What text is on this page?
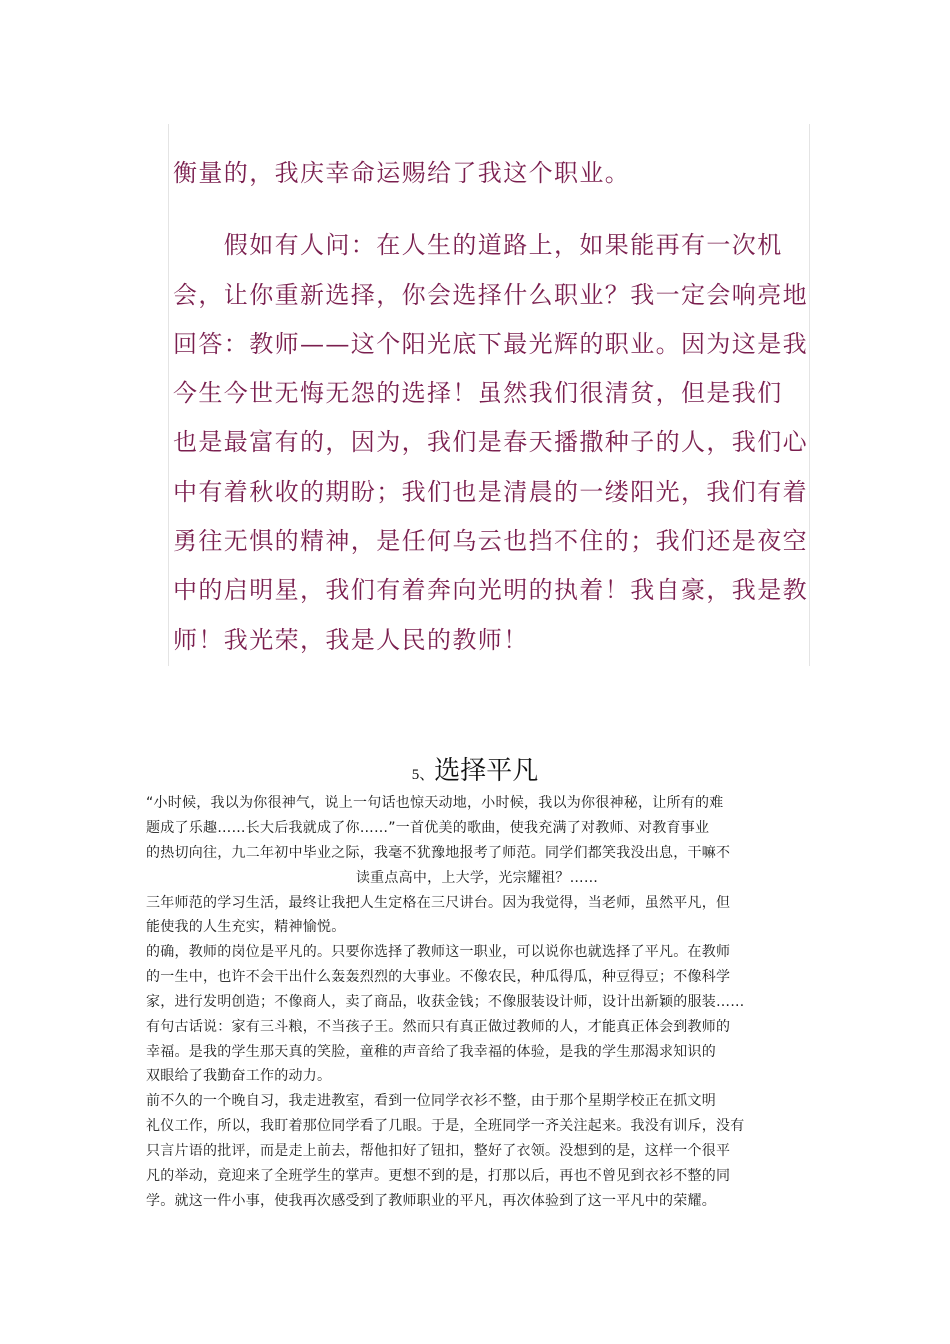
衡量的，我庆幸命运赐给了我这个职业。
　　假如有人问：在人生的道路上，如果能再有一次机
会，让你重新选择，你会选择什么职业？我一定会响亮地
回答：教师——这个阳光底下最光辉的职业。因为这是我
今生今世无悔无怨的选择！虽然我们很清贫，但是我们
也是最富有的，因为，我们是春天播撒种子的人，我们心
中有着秋收的期盼；我们也是清晨的一缕阳光，我们有着
勇往无惧的精神，是任何乌云也挡不住的；我们还是夜空
中的启明星，我们有着奔向光明的执着！我自豪，我是教
师！我光荣，我是人民的教师！
5、选择平凡
“小时候，我以为你很神气，说上一句话也惊天动地，小时候，我以为你很神秘，让所有的难
题成了乐趣……长大后我就成了你……”一首优美的歌曲，使我充满了对教师、对教育事业
的热切向往，九二年初中毕业之际，我毫不犹豫地报考了师范。同学们都笑我没出息，干嘛不
读重点高中，上大学，光宗耀祖？……
三年师范的学习生活，最终让我把人生定格在三尺讲台。因为我觉得，当老师，虽然平凡，但
能使我的人生充实，精神愉悦。
的确，教师的岗位是平凡的。只要你选择了教师这一职业，可以说你也就选择了平凡。在教师
的一生中，也许不会干出什么轰轰烈烈的大事业。不像农民，种瓜得瓜，种豆得豆；不像科学
家，进行发明创造；不像商人，卖了商品，收获金钱；不像服装设计师，设计出新颖的服装……
有句古话说：家有三斗粮，不当孩子王。然而只有真正做过教师的人，才能真正体会到教师的
幸福。是我的学生那天真的笑脸，童稚的声音给了我幸福的体验，是我的学生那渴求知识的
双眼给了我勤奋工作的动力。
前不久的一个晚自习，我走进教室，看到一位同学衣衫不整，由于那个星期学校正在抓文明
礼仪工作，所以，我盯着那位同学看了几眼。于是，全班同学一齐关注起来。我没有训斥，没有
只言片语的批评，而是走上前去，帮他扣好了钮扣，整好了衣领。没想到的是，这样一个很平
凡的举动，竟迎来了全班学生的掌声。更想不到的是，打那以后，再也不曾见到衣衫不整的同
学。就这一件小事，使我再次感受到了教师职业的平凡，再次体验到了这一平凡中的荣耀。
